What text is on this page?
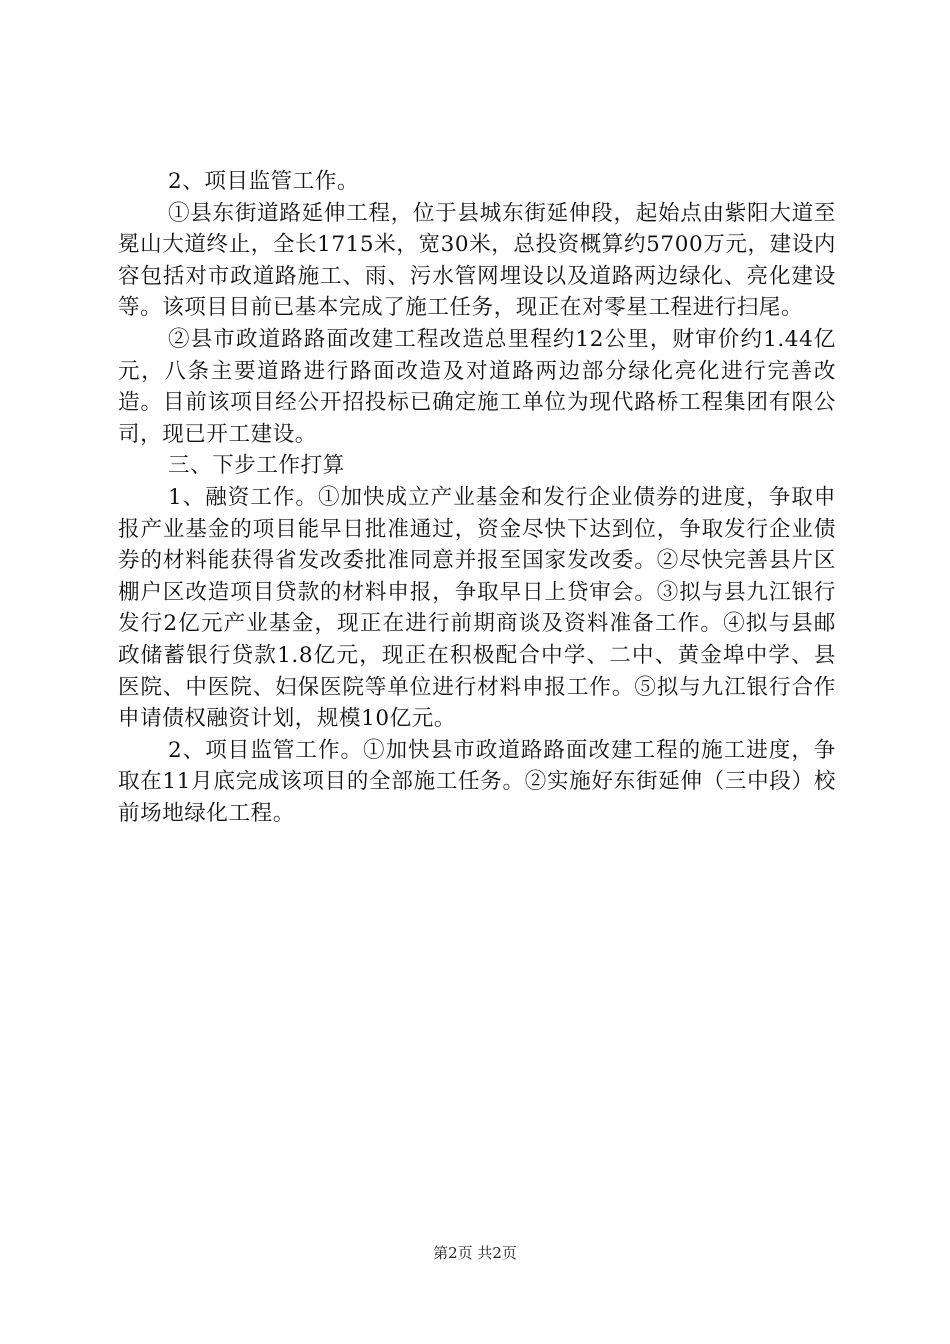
2、项目监管工作。

①县东街道路延伸工程，位于县城东街延伸段，起始点由紫阳大道至冕山大道终止，全长1715米，宽30米，总投资概算约5700万元，建设内容包括对市政道路施工、雨、污水管网埋设以及道路两边绿化、亮化建设等。该项目目前已基本完成了施工任务，现正在对零星工程进行扫尾。

②县市政道路路面改建工程改造总里程约12公里，财审价约1.44亿元，八条主要道路进行路面改造及对道路两边部分绿化亮化进行完善改造。目前该项目经公开招投标已确定施工单位为现代路桥工程集团有限公司，现已开工建设。

三、下步工作打算

1、融资工作。①加快成立产业基金和发行企业债券的进度，争取申报产业基金的项目能早日批准通过，资金尽快下达到位，争取发行企业债券的材料能获得省发改委批准同意并报至国家发改委。②尽快完善县片区棚户区改造项目贷款的材料申报，争取早日上贷审会。③拟与县九江银行发行2亿元产业基金，现正在进行前期商谈及资料准备工作。④拟与县邮政储蓄银行贷款1.8亿元，现正在积极配合中学、二中、黄金埠中学、县医院、中医院、妇保医院等单位进行材料申报工作。⑤拟与九江银行合作申请债权融资计划，规模10亿元。

2、项目监管工作。①加快县市政道路路面改建工程的施工进度，争取在11月底完成该项目的全部施工任务。②实施好东街延伸（三中段）校前场地绿化工程。

第2页 共2页
